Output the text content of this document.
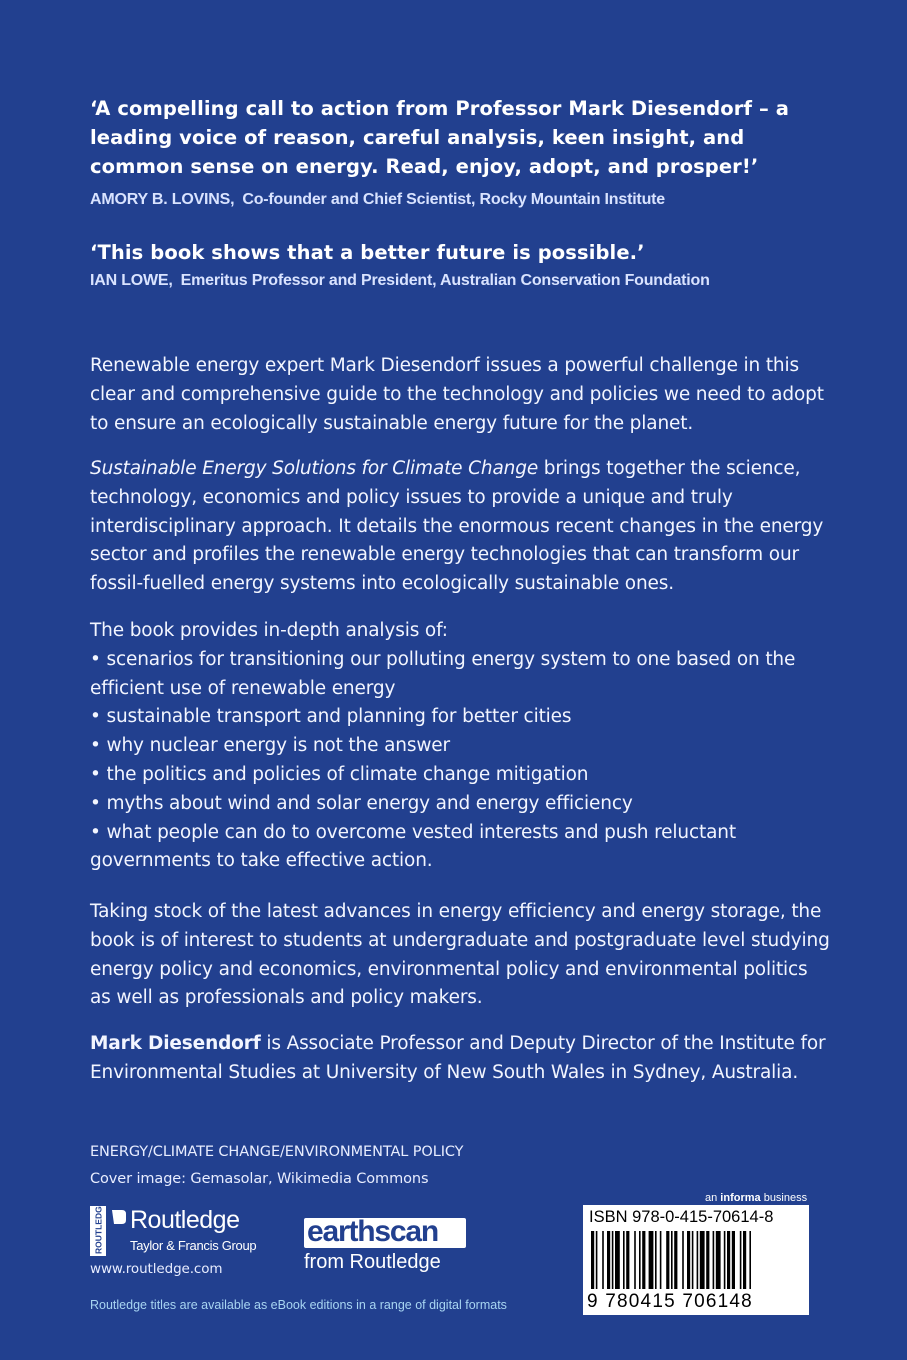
‘A compelling call to action from Professor Mark Diesendorf – a leading voice of reason, careful analysis, keen insight, and common sense on energy. Read, enjoy, adopt, and prosper!’
AMORY B. LOVINS, Co-founder and Chief Scientist, Rocky Mountain Institute
‘This book shows that a better future is possible.’
IAN LOWE, Emeritus Professor and President, Australian Conservation Foundation

Renewable energy expert Mark Diesendorf issues a powerful challenge in this clear and comprehensive guide to the technology and policies we need to adopt to ensure an ecologically sustainable energy future for the planet.

Sustainable Energy Solutions for Climate Change brings together the science, technology, economics and policy issues to provide a unique and truly interdisciplinary approach. It details the enormous recent changes in the energy sector and profiles the renewable energy technologies that can transform our fossil-fuelled energy systems into ecologically sustainable ones.

The book provides in-depth analysis of:

• scenarios for transitioning our polluting energy system to one based on the efficient use of renewable energy
• sustainable transport and planning for better cities
• why nuclear energy is not the answer
• the politics and policies of climate change mitigation
• myths about wind and solar energy and energy efficiency
• what people can do to overcome vested interests and push reluctant governments to take effective action.

Taking stock of the latest advances in energy efficiency and energy storage, the book is of interest to students at undergraduate and postgraduate level studying energy policy and economics, environmental policy and environmental politics as well as professionals and policy makers.

Mark Diesendorf is Associate Professor and Deputy Director of the Institute for Environmental Studies at University of New South Wales in Sydney, Australia.

ENERGY/CLIMATE CHANGE/ENVIRONMENTAL POLICY
Cover image: Gemasolar, Wikimedia Commons
ROUTLEDGE Routledge
Taylor & Francis Group
www.routledge.com
earthscan
from Routledge
Routledge titles are available as eBook editions in a range of digital formats
an informa business
ISBN 978-0-415-70614-8
9 780415 706148
